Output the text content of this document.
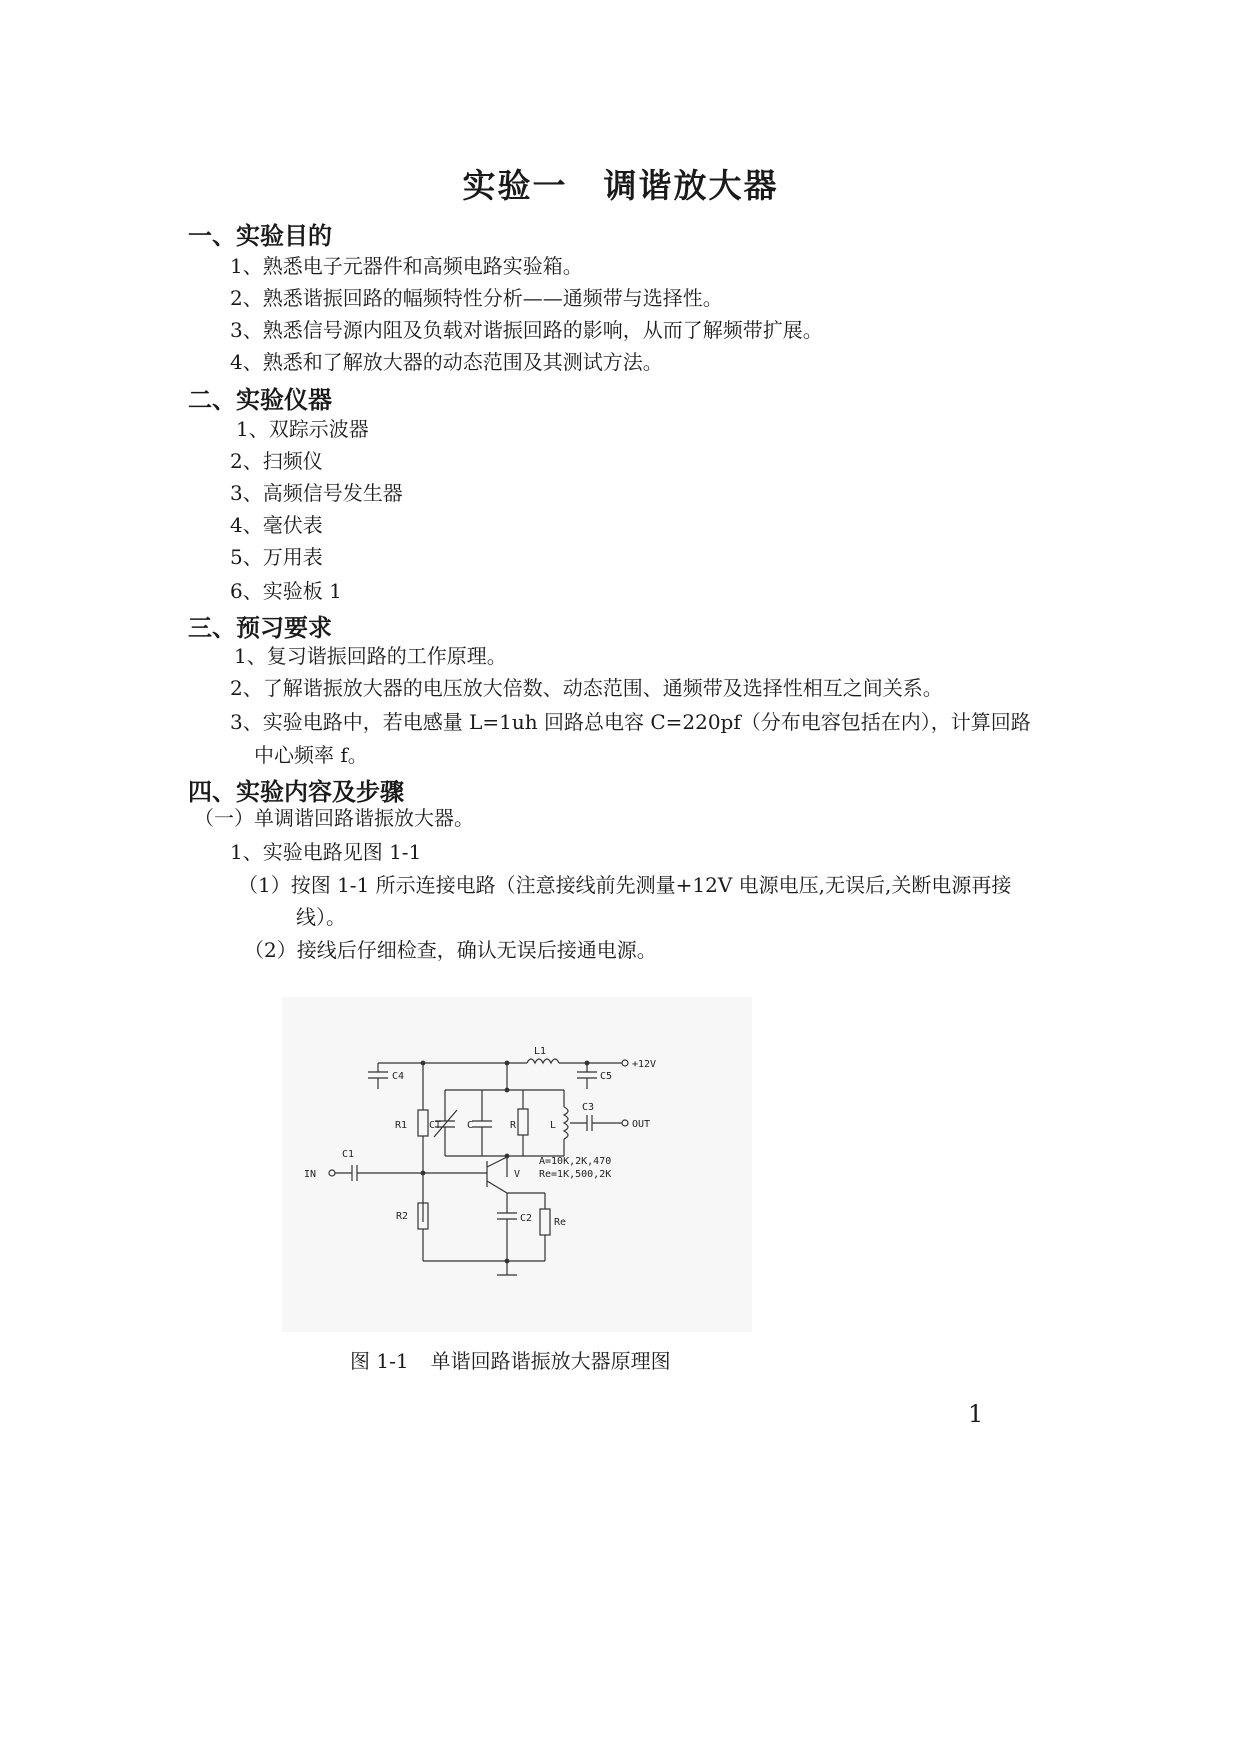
实验一 调谐放大器
一、实验目的
1、熟悉电子元器件和高频电路实验箱。
2、熟悉谐振回路的幅频特性分析——通频带与选择性。
3、熟悉信号源内阻及负载对谐振回路的影响，从而了解频带扩展。
4、熟悉和了解放大器的动态范围及其测试方法。
二、实验仪器
1、双踪示波器
2、扫频仪
3、高频信号发生器
4、毫伏表
5、万用表
6、实验板 1
三、预习要求
1、复习谐振回路的工作原理。
2、了解谐振放大器的电压放大倍数、动态范围、通频带及选择性相互之间关系。
3、实验电路中，若电感量 L=1uh 回路总电容 C=220pf（分布电容包括在内），计算回路
中心频率 f。
四、实验内容及步骤
（一）单调谐回路谐振放大器。
1、实验电路见图 1-1
（1）按图 1-1 所示连接电路（注意接线前先测量+12V 电源电压,无误后,关断电源再接
线）。
（2）接线后仔细检查，确认无误后接通电源。
L1
+12V
C4	C5
R1 CT	C	R	L
C3
OUT
C1
IN	V
A=10K,2K,470
Re=1K,500,2K
R2	C2 Re
图 1-1 单谐回路谐振放大器原理图
1
